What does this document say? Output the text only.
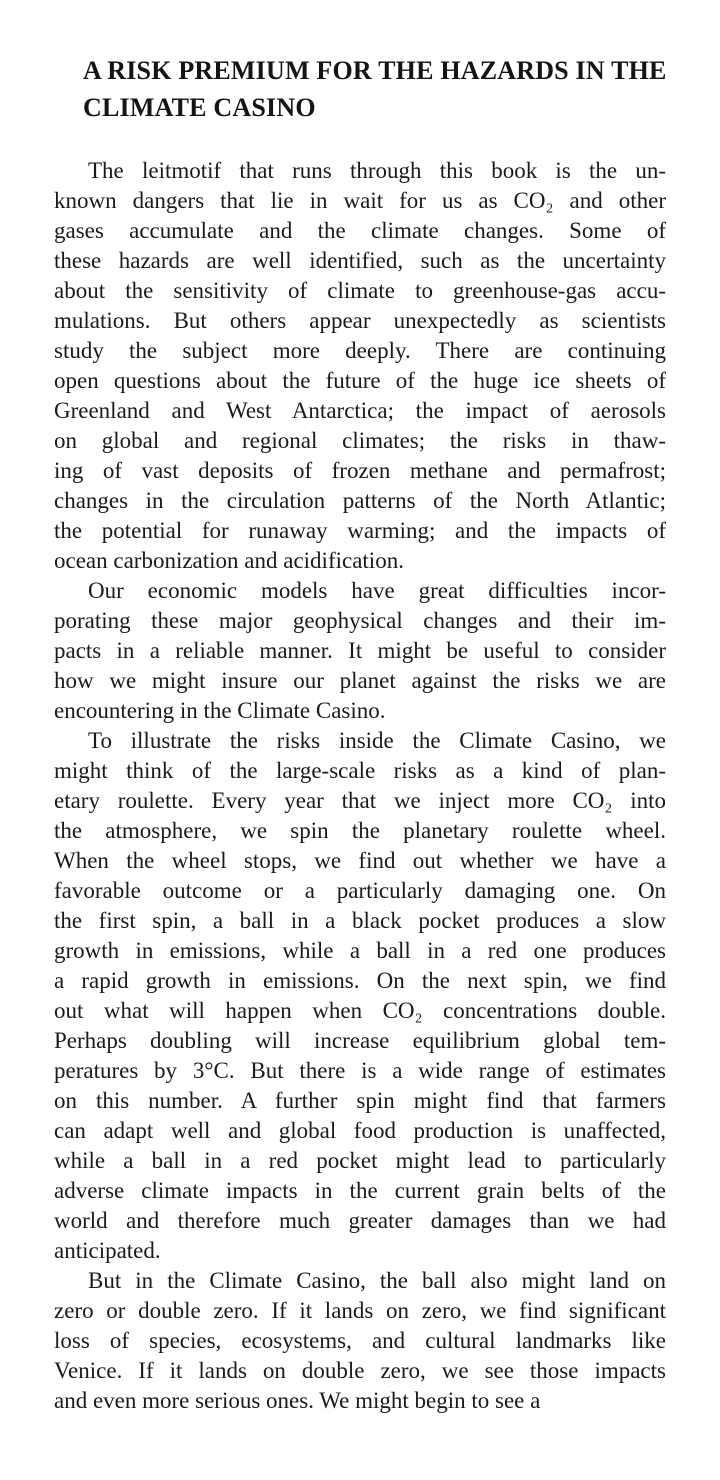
A RISK PREMIUM FOR THE HAZARDS IN THE
CLIMATE CASINO
The leitmotif that runs through this book is the un-
known dangers that lie in wait for us as CO₂ and other
gases accumulate and the climate changes. Some of
these hazards are well identified, such as the uncertainty
about the sensitivity of climate to greenhouse-gas accu-
mulations. But others appear unexpectedly as scientists
study the subject more deeply. There are continuing
open questions about the future of the huge ice sheets of
Greenland and West Antarctica; the impact of aerosols
on global and regional climates; the risks in thaw-
ing of vast deposits of frozen methane and permafrost;
changes in the circulation patterns of the North Atlantic;
the potential for runaway warming; and the impacts of
ocean carbonization and acidification.
Our economic models have great difficulties incor-
porating these major geophysical changes and their im-
pacts in a reliable manner. It might be useful to consider
how we might insure our planet against the risks we are
encountering in the Climate Casino.
To illustrate the risks inside the Climate Casino, we
might think of the large-scale risks as a kind of plan-
etary roulette. Every year that we inject more CO₂ into
the atmosphere, we spin the planetary roulette wheel.
When the wheel stops, we find out whether we have a
favorable outcome or a particularly damaging one. On
the first spin, a ball in a black pocket produces a slow
growth in emissions, while a ball in a red one produces
a rapid growth in emissions. On the next spin, we find
out what will happen when CO₂ concentrations double.
Perhaps doubling will increase equilibrium global tem-
peratures by 3°C. But there is a wide range of estimates
on this number. A further spin might find that farmers
can adapt well and global food production is unaffected,
while a ball in a red pocket might lead to particularly
adverse climate impacts in the current grain belts of the
world and therefore much greater damages than we had
anticipated.
But in the Climate Casino, the ball also might land on
zero or double zero. If it lands on zero, we find significant
loss of species, ecosystems, and cultural landmarks like
Venice. If it lands on double zero, we see those impacts
and even more serious ones. We might begin to see a
